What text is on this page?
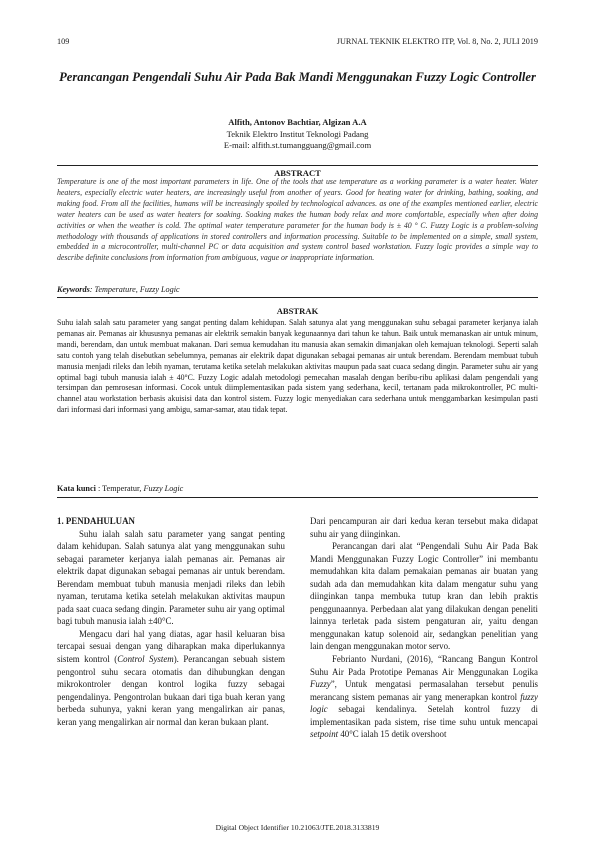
109	JURNAL TEKNIK ELEKTRO ITP, Vol. 8, No. 2, JULI 2019
Perancangan Pengendali Suhu Air Pada Bak Mandi Menggunakan Fuzzy Logic Controller
Alfith, Antonov Bachtiar, Algizan A.A
Teknik Elektro Institut Teknologi Padang
E-mail: alfith.st.tumangguang@gmail.com
ABSTRACT
Temperature is one of the most important parameters in life. One of the tools that use temperature as a working parameter is a water heater. Water heaters, especially electric water heaters, are increasingly useful from another of years. Good for heating water for drinking, bathing, soaking, and making food. From all the facilities, humans will be increasingly spoiled by technological advances. as one of the examples mentioned earlier, electric water heaters can be used as water heaters for soaking. Soaking makes the human body relax and more comfortable, especially when after doing activities or when the weather is cold. The optimal water temperature parameter for the human body is ± 40 ° C. Fuzzy Logic is a problem-solving methodology with thousands of applications in stored controllers and information processing. Suitable to be implemented on a simple, small system, embedded in a microcontroller, multi-channel PC or data acquisition and system control based workstation. Fuzzy logic provides a simple way to describe definite conclusions from information from ambiguous, vague or inappropriate information.
Keywords: Temperature, Fuzzy Logic
ABSTRAK
Suhu ialah salah satu parameter yang sangat penting dalam kehidupan. Salah satunya alat yang menggunakan suhu sebagai parameter kerjanya ialah pemanas air. Pemanas air khususnya pemanas air elektrik semakin banyak kegunaannya dari tahun ke tahun. Baik untuk memanaskan air untuk minum, mandi, berendam, dan untuk membuat makanan. Dari semua kemudahan itu manusia akan semakin dimanjakan oleh kemajuan teknologi. Seperti salah satu contoh yang telah disebutkan sebelumnya, pemanas air elektrik dapat digunakan sebagai pemanas air untuk berendam. Berendam membuat tubuh manusia menjadi rileks dan lebih nyaman, terutama ketika setelah melakukan aktivitas maupun pada saat cuaca sedang dingin. Parameter suhu air yang optimal bagi tubuh manusia ialah ± 40°C. Fuzzy Logic adalah metodologi pemecahan masalah dengan beribu-ribu aplikasi dalam pengendali yang tersimpan dan pemrosesan informasi. Cocok untuk diimplementasikan pada sistem yang sederhana, kecil, tertanam pada mikrokontroller, PC multi-channel atau workstation berbasis akuisisi data dan kontrol sistem. Fuzzy logic menyediakan cara sederhana untuk menggambarkan kesimpulan pasti dari informasi dari informasi yang ambigu, samar-samar, atau tidak tepat.
Kata kunci : Temperatur, Fuzzy Logic

1. PENDAHULUAN

Suhu ialah salah satu parameter yang sangat penting dalam kehidupan. Salah satunya alat yang menggunakan suhu sebagai parameter kerjanya ialah pemanas air. Pemanas air elektrik dapat digunakan sebagai pemanas air untuk berendam. Berendam membuat tubuh manusia menjadi rileks dan lebih nyaman, terutama ketika setelah melakukan aktivitas maupun pada saat cuaca sedang dingin. Parameter suhu air yang optimal bagi tubuh manusia ialah ±40°C.

Mengacu dari hal yang diatas, agar hasil keluaran bisa tercapai sesuai dengan yang diharapkan maka diperlukannya sistem kontrol (Control System). Perancangan sebuah sistem pengontrol suhu secara otomatis dan dihubungkan dengan mikrokontroler dengan kontrol logika fuzzy sebagai pengendalinya. Pengontrolan bukaan dari tiga buah keran yang berbeda suhunya, yakni keran yang mengalirkan air panas, keran yang mengalirkan air normal dan keran bukaan plant.

Dari pencampuran air dari kedua keran tersebut maka didapat suhu air yang diinginkan.

Perancangan dari alat “Pengendali Suhu Air Pada Bak Mandi Menggunakan Fuzzy Logic Controller” ini membantu memudahkan kita dalam pemakaian pemanas air buatan yang sudah ada dan memudahkan kita dalam mengatur suhu yang diinginkan tanpa membuka tutup kran dan lebih praktis penggunaannya. Perbedaan alat yang dilakukan dengan peneliti lainnya terletak pada sistem pengaturan air, yaitu dengan menggunakan katup solenoid air, sedangkan penelitian yang lain dengan menggunakan motor servo.

Febrianto Nurdani, (2016), “Rancang Bangun Kontrol Suhu Air Pada Prototipe Pemanas Air Menggunakan Logika Fuzzy”, Untuk mengatasi permasalahan tersebut penulis merancang sistem pemanas air yang menerapkan kontrol fuzzy logic sebagai kendalinya. Setelah kontrol fuzzy di implementasikan pada sistem, rise time suhu untuk mencapai setpoint 40°C ialah 15 detik overshoot

Digital Object Identifier 10.21063/JTE.2018.3133819
